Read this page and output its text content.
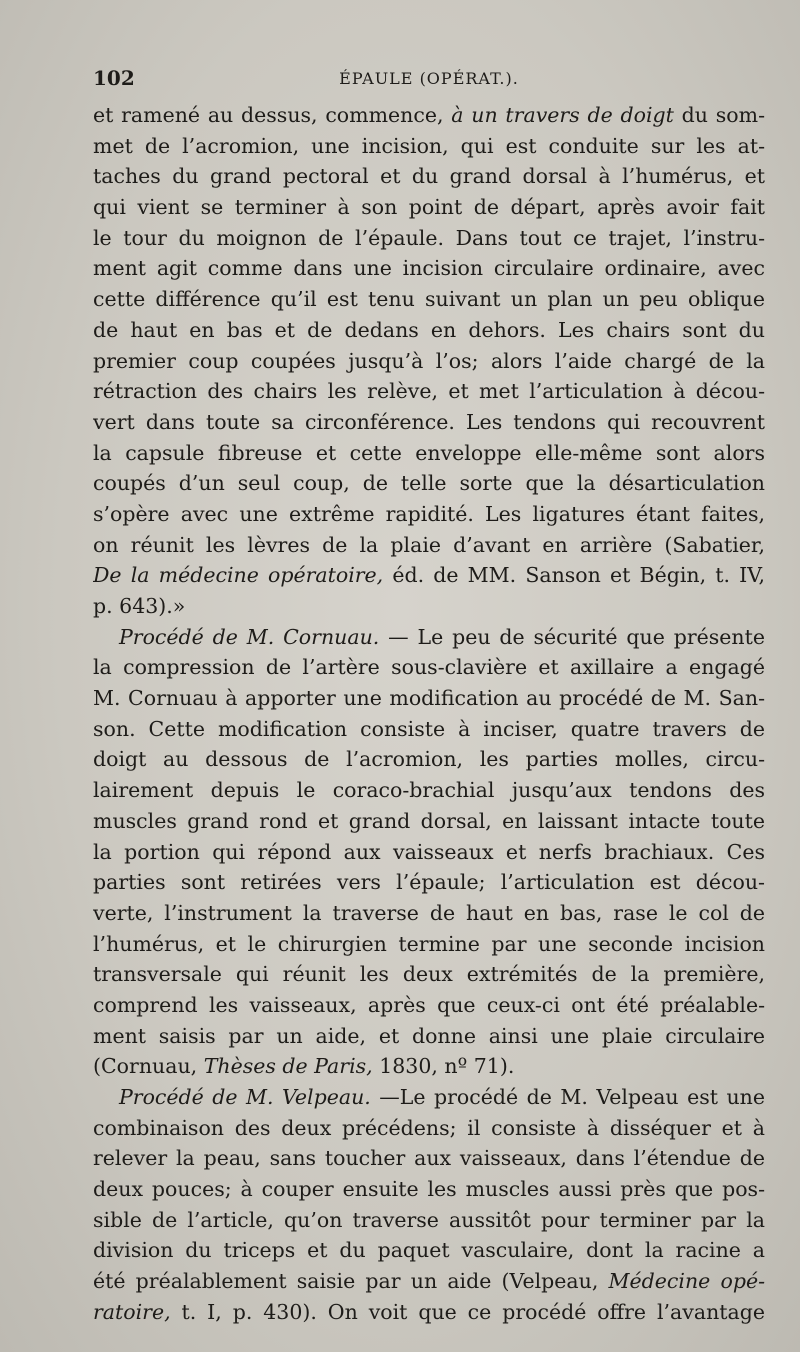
102	ÉPAULE (OPÉRAT.).
et ramené au dessus, commence, à un travers de doigt du som-
met de l’acromion, une incision, qui est conduite sur les at-
taches du grand pectoral et du grand dorsal à l’humérus, et
qui vient se terminer à son point de départ, après avoir fait
le tour du moignon de l’épaule. Dans tout ce trajet, l’instru-
ment agit comme dans une incision circulaire ordinaire, avec
cette différence qu’il est tenu suivant un plan un peu oblique
de haut en bas et de dedans en dehors. Les chairs sont du
premier coup coupées jusqu’à l’os; alors l’aide chargé de la
rétraction des chairs les relève, et met l’articulation à décou-
vert dans toute sa circonférence. Les tendons qui recouvrent
la capsule fibreuse et cette enveloppe elle-même sont alors
coupés d’un seul coup, de telle sorte que la désarticulation
s’opère avec une extrême rapidité. Les ligatures étant faites,
on réunit les lèvres de la plaie d’avant en arrière (Sabatier,
De la médecine opératoire, éd. de MM. Sanson et Bégin, t. IV,
p. 643).»
Procédé de M. Cornuau. — Le peu de sécurité que présente
la compression de l’artère sous-clavière et axillaire a engagé
M. Cornuau à apporter une modification au procédé de M. San-
son. Cette modification consiste à inciser, quatre travers de
doigt au dessous de l’acromion, les parties molles, circu-
lairement depuis le coraco-brachial jusqu’aux tendons des
muscles grand rond et grand dorsal, en laissant intacte toute
la portion qui répond aux vaisseaux et nerfs brachiaux. Ces
parties sont retirées vers l’épaule; l’articulation est décou-
verte, l’instrument la traverse de haut en bas, rase le col de
l’humérus, et le chirurgien termine par une seconde incision
transversale qui réunit les deux extrémités de la première,
comprend les vaisseaux, après que ceux-ci ont été préalable-
ment saisis par un aide, et donne ainsi une plaie circulaire
(Cornuau, Thèses de Paris, 1830, nº 71).
Procédé de M. Velpeau. —Le procédé de M. Velpeau est une
combinaison des deux précédens; il consiste à disséquer et à
relever la peau, sans toucher aux vaisseaux, dans l’étendue de
deux pouces; à couper ensuite les muscles aussi près que pos-
sible de l’article, qu’on traverse aussitôt pour terminer par la
division du triceps et du paquet vasculaire, dont la racine a
été préalablement saisie par un aide (Velpeau, Médecine opé-
ratoire, t. I, p. 430). On voit que ce procédé offre l’avantage
